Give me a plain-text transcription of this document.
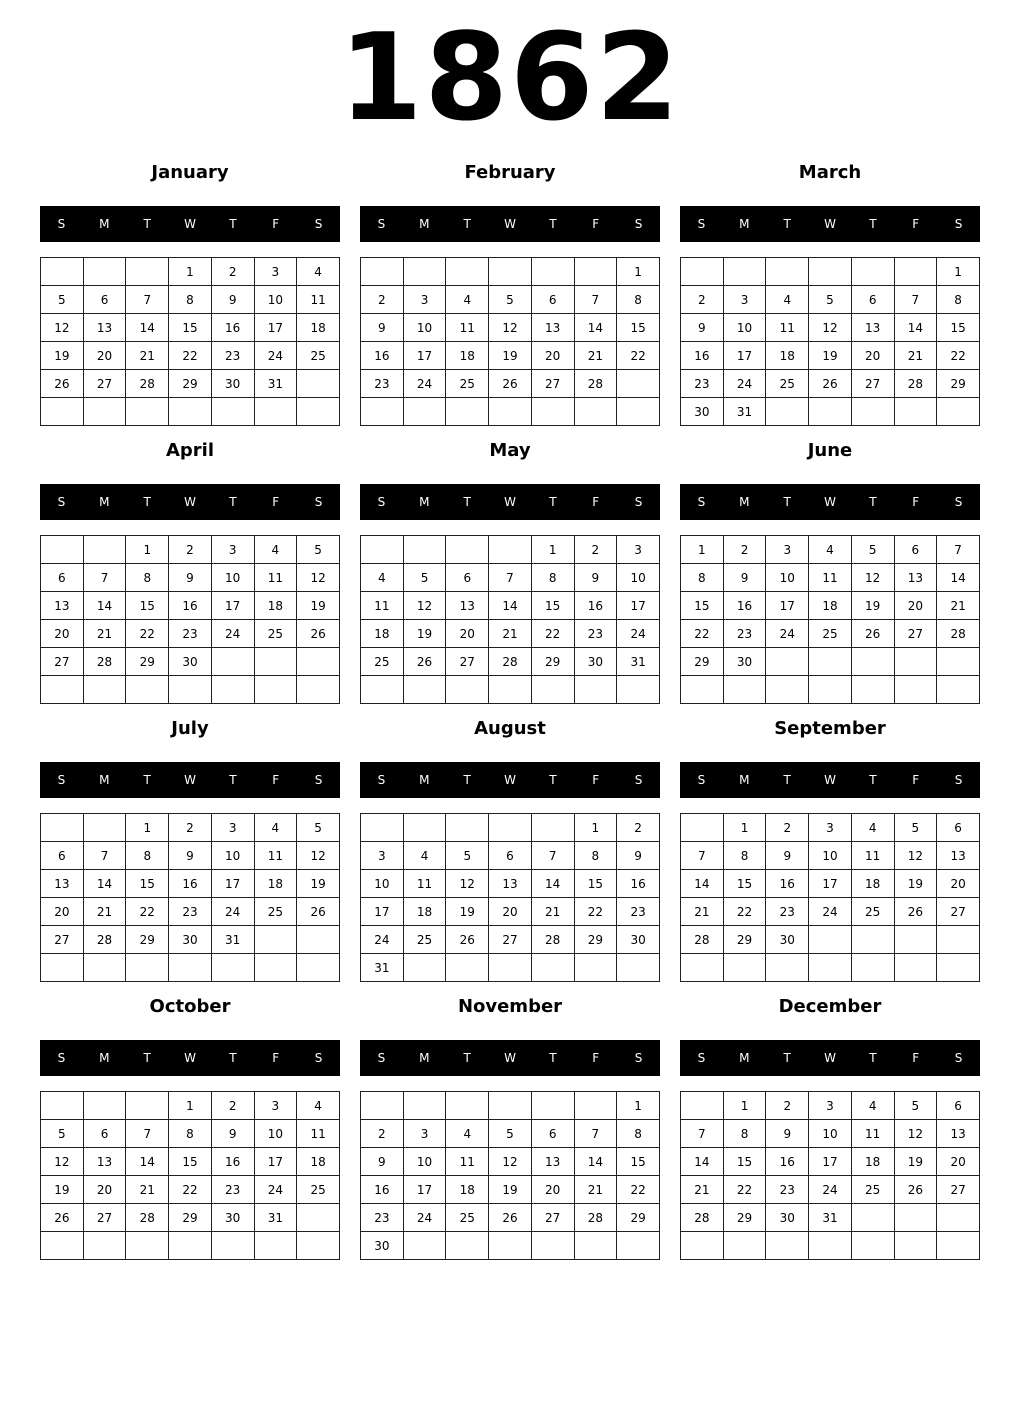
1862
January
S	M	T	W	T	F	S
			1	2	3	4
5	6	7	8	9	10	11
12	13	14	15	16	17	18
19	20	21	22	23	24	25
26	27	28	29	30	31	

February
S	M	T	W	T	F	S
						1
2	3	4	5	6	7	8
9	10	11	12	13	14	15
16	17	18	19	20	21	22
23	24	25	26	27	28	

March
S	M	T	W	T	F	S
						1
2	3	4	5	6	7	8
9	10	11	12	13	14	15
16	17	18	19	20	21	22
23	24	25	26	27	28	29
30	31					
April
S	M	T	W	T	F	S
		1	2	3	4	5
6	7	8	9	10	11	12
13	14	15	16	17	18	19
20	21	22	23	24	25	26
27	28	29	30			

May
S	M	T	W	T	F	S
				1	2	3
4	5	6	7	8	9	10
11	12	13	14	15	16	17
18	19	20	21	22	23	24
25	26	27	28	29	30	31

June
S	M	T	W	T	F	S
1	2	3	4	5	6	7
8	9	10	11	12	13	14
15	16	17	18	19	20	21
22	23	24	25	26	27	28
29	30					

July
S	M	T	W	T	F	S
		1	2	3	4	5
6	7	8	9	10	11	12
13	14	15	16	17	18	19
20	21	22	23	24	25	26
27	28	29	30	31		

August
S	M	T	W	T	F	S
					1	2
3	4	5	6	7	8	9
10	11	12	13	14	15	16
17	18	19	20	21	22	23
24	25	26	27	28	29	30
31						
September
S	M	T	W	T	F	S
	1	2	3	4	5	6
7	8	9	10	11	12	13
14	15	16	17	18	19	20
21	22	23	24	25	26	27
28	29	30				

October
S	M	T	W	T	F	S
			1	2	3	4
5	6	7	8	9	10	11
12	13	14	15	16	17	18
19	20	21	22	23	24	25
26	27	28	29	30	31	

November
S	M	T	W	T	F	S
						1
2	3	4	5	6	7	8
9	10	11	12	13	14	15
16	17	18	19	20	21	22
23	24	25	26	27	28	29
30						
December
S	M	T	W	T	F	S
	1	2	3	4	5	6
7	8	9	10	11	12	13
14	15	16	17	18	19	20
21	22	23	24	25	26	27
28	29	30	31			
